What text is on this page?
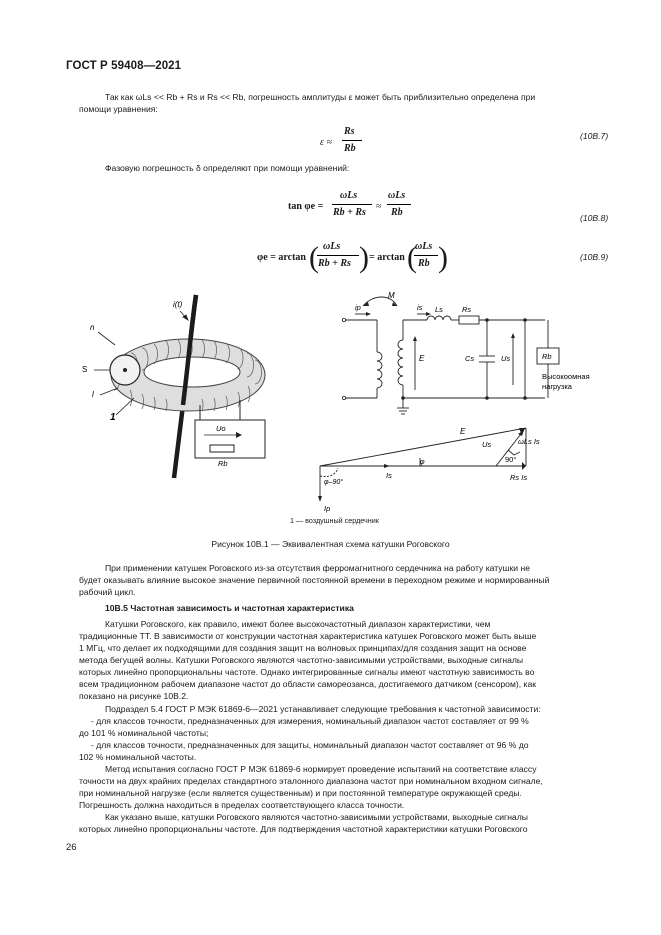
ГОСТ Р 59408—2021
Так как ωLs << Rb + Rs и Rs << Rb, погрешность амплитуды ε может быть приблизительно определена при
помощи уравнения:
ε ≈
Rs
Rb
(10В.7)
Фазовую погрешность δ определяют при помощи уравнений:
tan φe =
ωLs
Rb + Rs
≈
ωLs
Rb	(10В.8)
φe = arctan ( ωLs
Rb + Rs ) = arctan (
ωLs
Rb )	(10В.9)
i(t)
n
S
l
1
Uo
Rb
ip
M
is Ls	Rs
E	Cs	Us	Rb
Высокоомная
нагрузка
E
Us	ωLs Is
90°
φ
φ–90°
Is	Rs Is
Ip
1 — воздушный сердечник
Рисунок 10В.1 — Эквивалентная схема катушки Роговского
При применении катушек Роговского из-за отсутствия ферромагнитного сердечника на работу катушки не
будет оказывать влияние высокое значение первичной постоянной времени в переходном режиме и нормированный
рабочий цикл.
10В.5 Частотная зависимость и частотная характеристика
Катушки Роговского, как правило, имеют более высокочастотный диапазон характеристики, чем
традиционные ТТ. В зависимости от конструкции частотная характеристика катушек Роговского может быть выше
1 МГц, что делает их подходящими для создания защит на волновых принципах/для создания защит на основе
метода бегущей волны. Катушки Роговского являются частотно-зависимыми устройствами, выходные сигналы
которых линейно пропорциональны частоте. Однако интегрированные сигналы имеют частотную зависимость во
всем традиционном рабочем диапазоне частот до области самореозанса, достигаемого датчиком (сенсором), как
показано на рисунке 10В.2.
Подраздел 5.4 ГОСТ Р МЭК 61869-6—2021 устанавливает следующие требования к частотной зависимости:
- для классов точности, предназначенных для измерения, номинальный диапазон частот составляет от 99 %
до 101 % номинальной частоты;
- для классов точности, предназначенных для защиты, номинальный диапазон частот составляет от 96 % до
102 % номинальной частоты.
Метод испытания согласно ГОСТ Р МЭК 61869-6 нормирует проведение испытаний на соответствие классу
точности на двух крайних пределах стандартного эталонного диапазона частот при номинальном входном сигнале,
при номинальной нагрузке (если является существенным) и при постоянной температуре окружающей среды.
Погрешность должна находиться в пределах соответствующего класса точности.
Как указано выше, катушки Роговского являются частотно-зависимыми устройствами, выходные сигналы
которых линейно пропорциональны частоте. Для подтверждения частотной характеристики катушки Роговского
26
